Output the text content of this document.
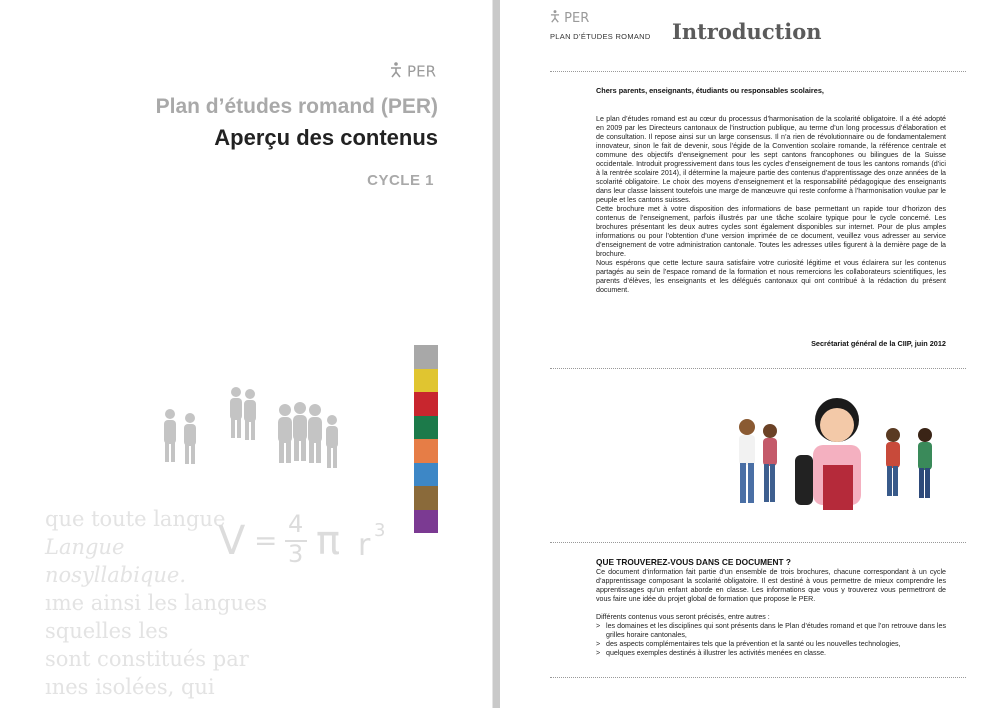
PER
Plan d’études romand (PER)
Aperçu des contenus
CYCLE 1
que toute langue
Langue
nosyllabique.
ıme ainsi les langues
squelles les
sont constitués par
ınes isolées, qui
V = 4
3 π r 3
PER
PLAN D’ÉTUDES ROMAND Introduction
Chers parents, enseignants, étudiants ou responsables scolaires,

Le plan d’études romand est au cœur du processus d’harmonisation de la scolarité obligatoire. Il a été adopté en 2009 par les Directeurs cantonaux de l’instruction publique, au terme d’un long processus d’élaboration et de consultation. Il repose ainsi sur un large consensus. Il n’a rien de révolutionnaire ou de fondamentalement innovateur, sinon le fait de devenir, sous l’égide de la Convention scolaire romande, la référence centrale et commune des objectifs d’enseignement pour les sept cantons francophones ou bilingues de la Suisse occidentale. Introduit progressivement dans tous les cycles d’enseignement de tous les cantons romands (d’ici à la rentrée scolaire 2014), il détermine la majeure partie des contenus d’apprentissage des onze années de la scolarité obligatoire. Le choix des moyens d’enseignement et la responsabilité pédagogique des enseignants dans leur classe laissent toutefois une marge de manœuvre qui reste conforme à l’harmonisation voulue par le peuple et les cantons suisses.

Cette brochure met à votre disposition des informations de base permettant un rapide tour d’horizon des contenus de l’enseignement, parfois illustrés par une tâche scolaire typique pour le cycle concerné. Les brochures présentant les deux autres cycles sont également disponibles sur internet. Pour de plus amples informations ou pour l’obtention d’une version imprimée de ce document, veuillez vous adresser au service d’enseignement de votre administration cantonale. Toutes les adresses utiles figurent à la dernière page de la brochure.

Nous espérons que cette lecture saura satisfaire votre curiosité légitime et vous éclairera sur les contenus partagés au sein de l’espace romand de la formation et nous remercions les collaborateurs scientifiques, les parents d’élèves, les enseignants et les délégués cantonaux qui ont contribué à la rédaction du présent document.

Secrétariat général de la CIIP, juin 2012
QUE TROUVEREZ-VOUS DANS CE DOCUMENT ?

Ce document d’information fait partie d’un ensemble de trois brochures, chacune correspondant à un cycle d’apprentissage composant la scolarité obligatoire. Il est destiné à vous permettre de mieux comprendre les apprentissages qu’un enfant aborde en classe. Les informations que vous y trouverez vous permettront de vous faire une idée du projet global de formation que propose le PER.

Différents contenus vous seront précisés, entre autres :

> les domaines et les disciplines qui sont présents dans le Plan d’études romand et que l’on retrouve dans les grilles horaire cantonales,
> des aspects complémentaires tels que la prévention et la santé ou les nouvelles technologies,
> quelques exemples destinés à illustrer les activités menées en classe.
